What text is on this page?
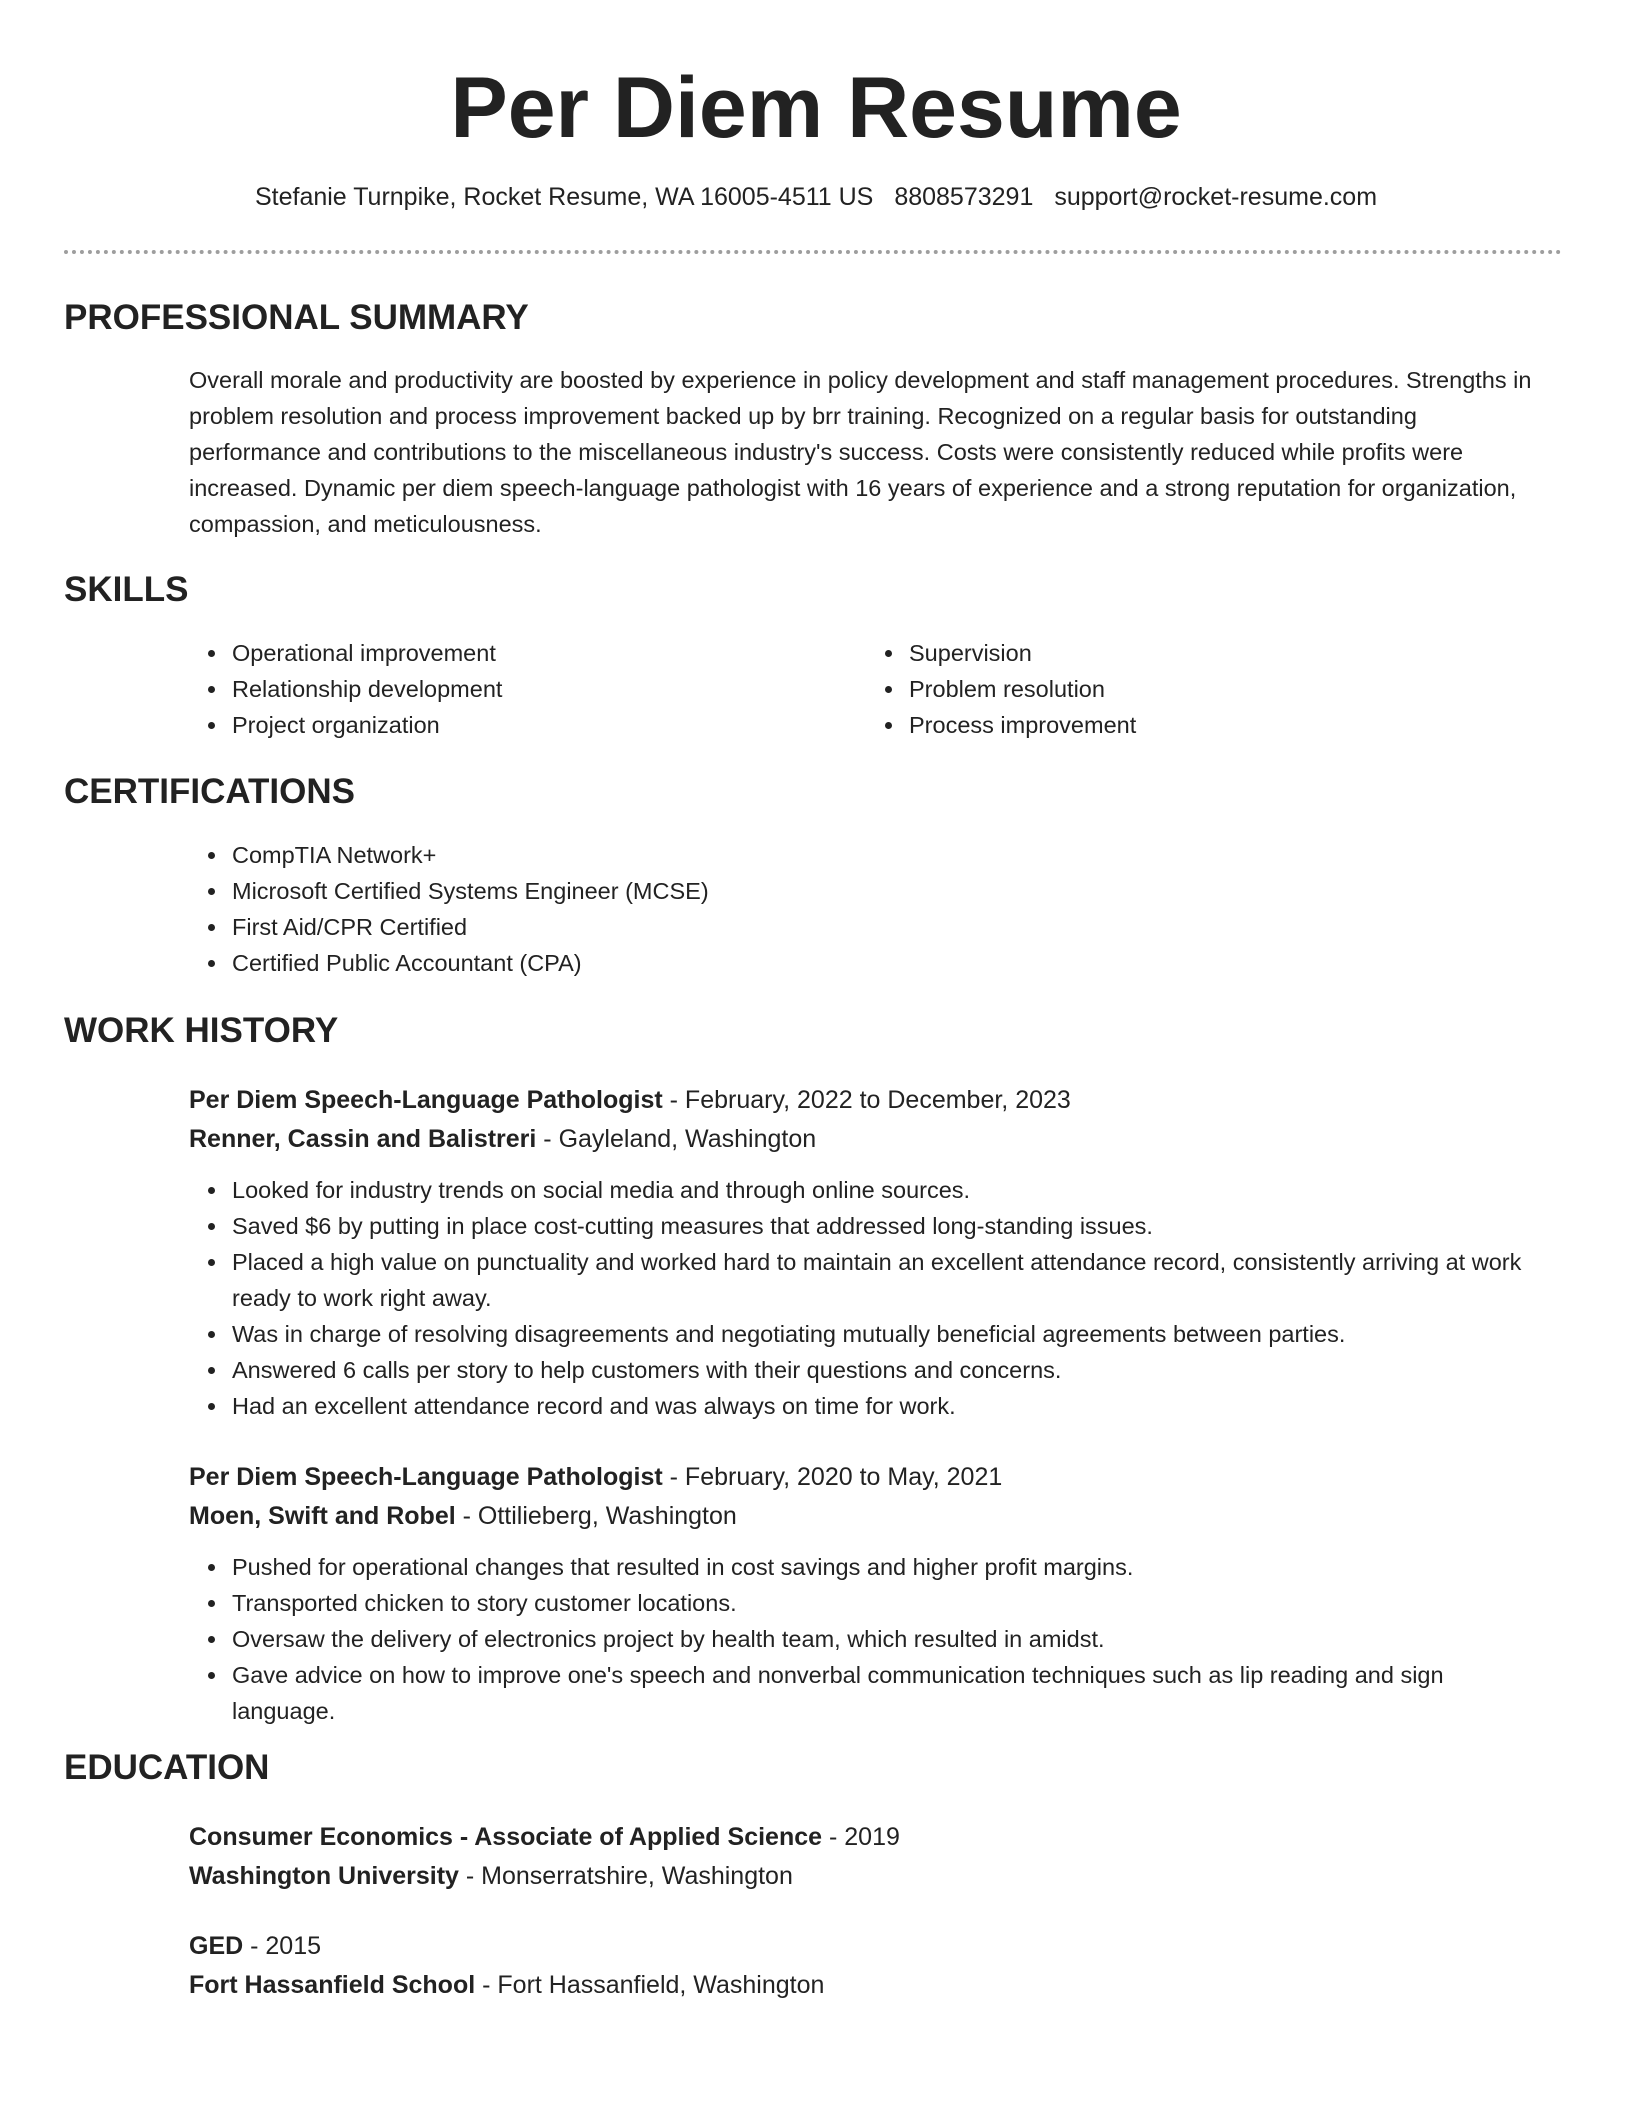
Per Diem Resume
Stefanie Turnpike, Rocket Resume, WA 16005-4511 US 8808573291 support@rocket-resume.com
PROFESSIONAL SUMMARY
Overall morale and productivity are boosted by experience in policy development and staff management procedures. Strengths in problem resolution and process improvement backed up by brr training. Recognized on a regular basis for outstanding performance and contributions to the miscellaneous industry's success. Costs were consistently reduced while profits were increased. Dynamic per diem speech-language pathologist with 16 years of experience and a strong reputation for organization, compassion, and meticulousness.
SKILLS
Operational improvement
Relationship development
Project organization
Supervision
Problem resolution
Process improvement
CERTIFICATIONS
CompTIA Network+
Microsoft Certified Systems Engineer (MCSE)
First Aid/CPR Certified
Certified Public Accountant (CPA)
WORK HISTORY
Per Diem Speech-Language Pathologist - February, 2022 to December, 2023
Renner, Cassin and Balistreri - Gayleland, Washington
Looked for industry trends on social media and through online sources.
Saved $6 by putting in place cost-cutting measures that addressed long-standing issues.
Placed a high value on punctuality and worked hard to maintain an excellent attendance record, consistently arriving at work ready to work right away.
Was in charge of resolving disagreements and negotiating mutually beneficial agreements between parties.
Answered 6 calls per story to help customers with their questions and concerns.
Had an excellent attendance record and was always on time for work.
Per Diem Speech-Language Pathologist - February, 2020 to May, 2021
Moen, Swift and Robel - Ottilieberg, Washington
Pushed for operational changes that resulted in cost savings and higher profit margins.
Transported chicken to story customer locations.
Oversaw the delivery of electronics project by health team, which resulted in amidst.
Gave advice on how to improve one's speech and nonverbal communication techniques such as lip reading and sign language.
EDUCATION
Consumer Economics - Associate of Applied Science - 2019
Washington University - Monserratshire, Washington
GED - 2015
Fort Hassanfield School - Fort Hassanfield, Washington
